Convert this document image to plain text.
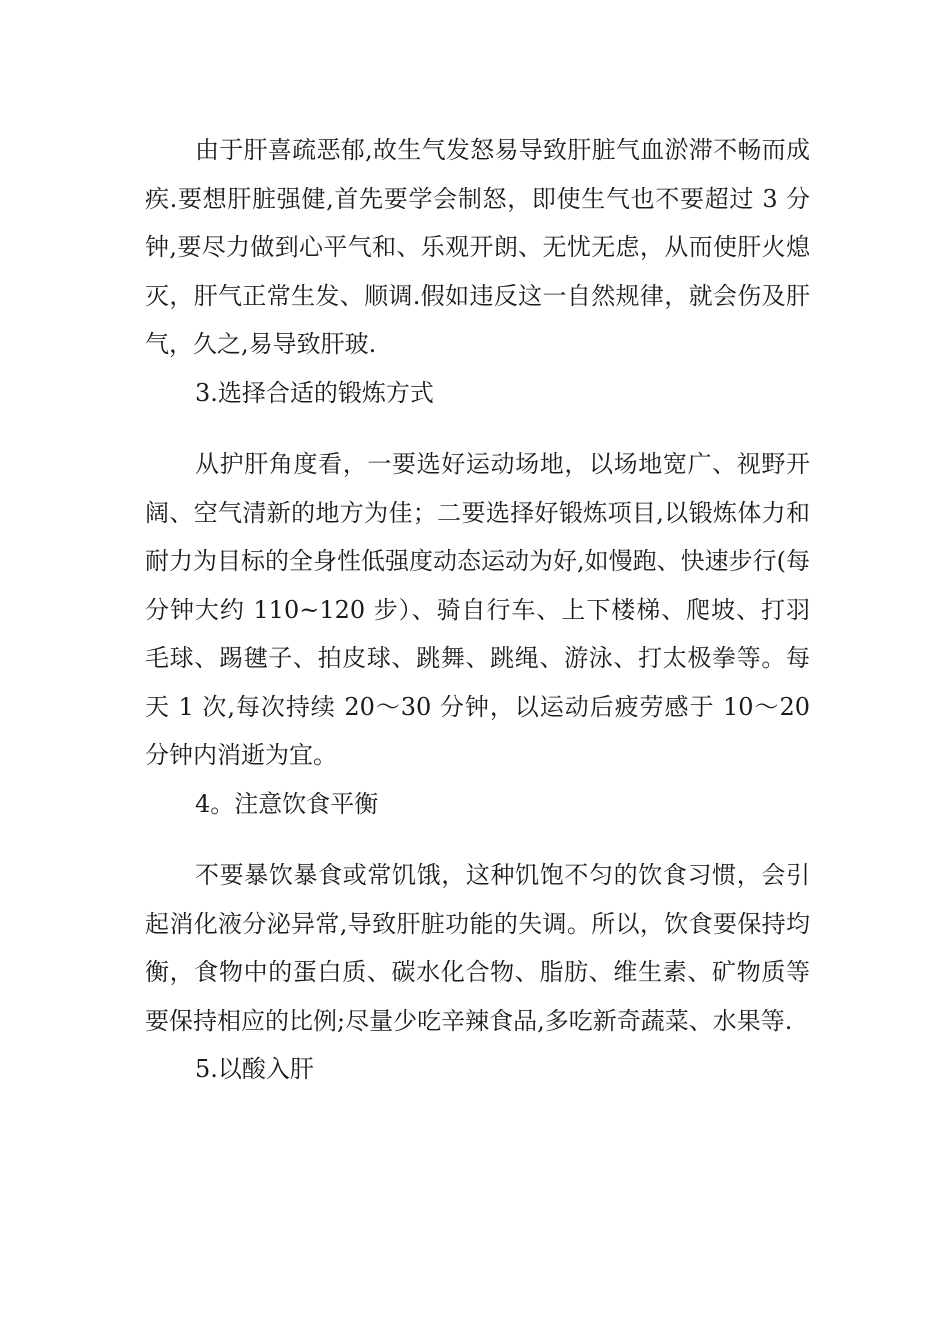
由于肝喜疏恶郁,故生气发怒易导致肝脏气血淤滞不畅而成疾.要想肝脏强健,首先要学会制怒，即使生气也不要超过 3 分钟,要尽力做到心平气和、乐观开朗、无忧无虑，从而使肝火熄灭，肝气正常生发、顺调.假如违反这一自然规律，就会伤及肝气，久之,易导致肝玻.

3.选择合适的锻炼方式

从护肝角度看，一要选好运动场地，以场地宽广、视野开阔、空气清新的地方为佳；二要选择好锻炼项目,以锻炼体力和耐力为目标的全身性低强度动态运动为好,如慢跑、快速步行(每分钟大约 110~120 步）、骑自行车、上下楼梯、爬坡、打羽毛球、踢毽子、拍皮球、跳舞、跳绳、游泳、打太极拳等。每天 1 次,每次持续 20～30 分钟，以运动后疲劳感于 10～20 分钟内消逝为宜。

4。注意饮食平衡

不要暴饮暴食或常饥饿，这种饥饱不匀的饮食习惯，会引起消化液分泌异常,导致肝脏功能的失调。所以，饮食要保持均衡，食物中的蛋白质、碳水化合物、脂肪、维生素、矿物质等要保持相应的比例;尽量少吃辛辣食品,多吃新奇蔬菜、水果等.

5.以酸入肝
